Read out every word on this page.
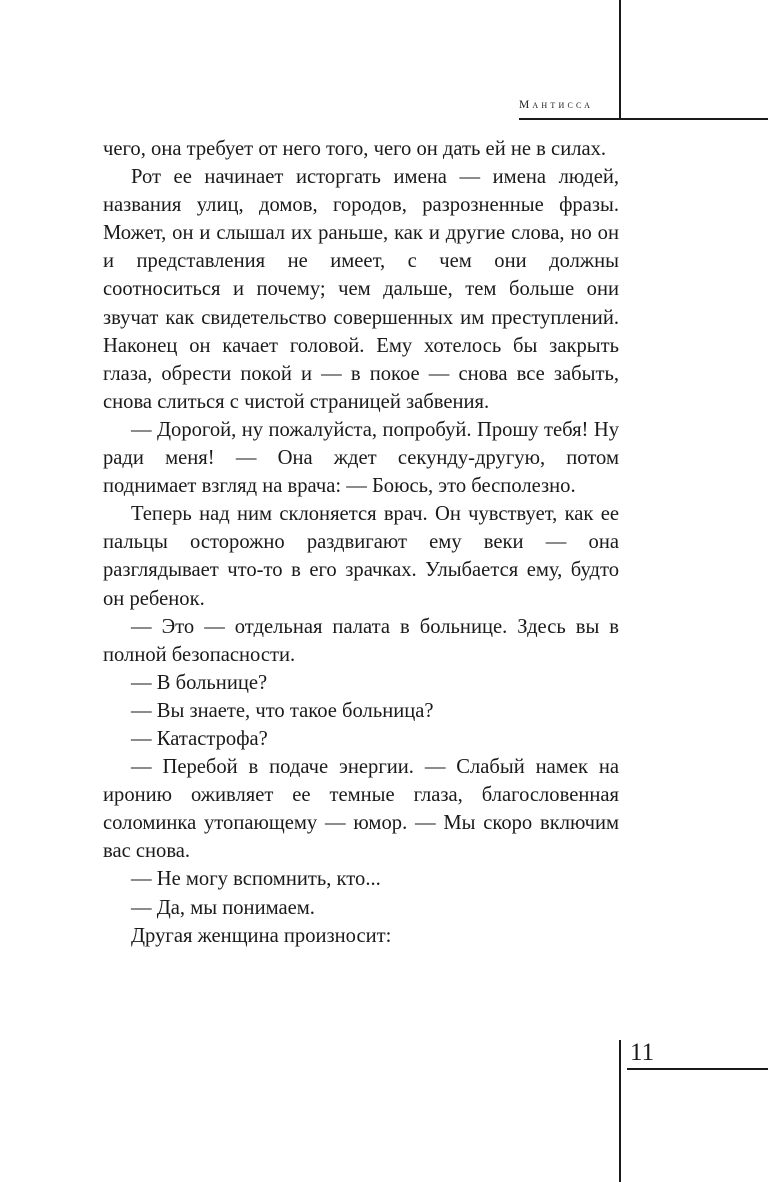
Мантисса

чего, она требует от него того, чего он дать ей не в силах.

Рот ее начинает исторгать имена — имена людей, названия улиц, домов, городов, разрозненные фразы. Может, он и слышал их раньше, как и другие слова, но он и представления не имеет, с чем они должны соотноситься и почему; чем дальше, тем больше они звучат как свидетельство совершенных им преступлений. Наконец он качает головой. Ему хотелось бы закрыть глаза, обрести покой и — в покое — снова все забыть, снова слиться с чистой страницей забвения.

— Дорогой, ну пожалуйста, попробуй. Прошу тебя! Ну ради меня! — Она ждет секунду-другую, потом поднимает взгляд на врача: — Боюсь, это бесполезно.

Теперь над ним склоняется врач. Он чувствует, как ее пальцы осторожно раздвигают ему веки — она разглядывает что-то в его зрачках. Улыбается ему, будто он ребенок.

— Это — отдельная палата в больнице. Здесь вы в полной безопасности.

— В больнице?

— Вы знаете, что такое больница?

— Катастрофа?

— Перебой в подаче энергии. — Слабый намек на иронию оживляет ее темные глаза, благословенная соломинка утопающему — юмор. — Мы скоро включим вас снова.

— Не могу вспомнить, кто...

— Да, мы понимаем.

Другая женщина произносит:

11
